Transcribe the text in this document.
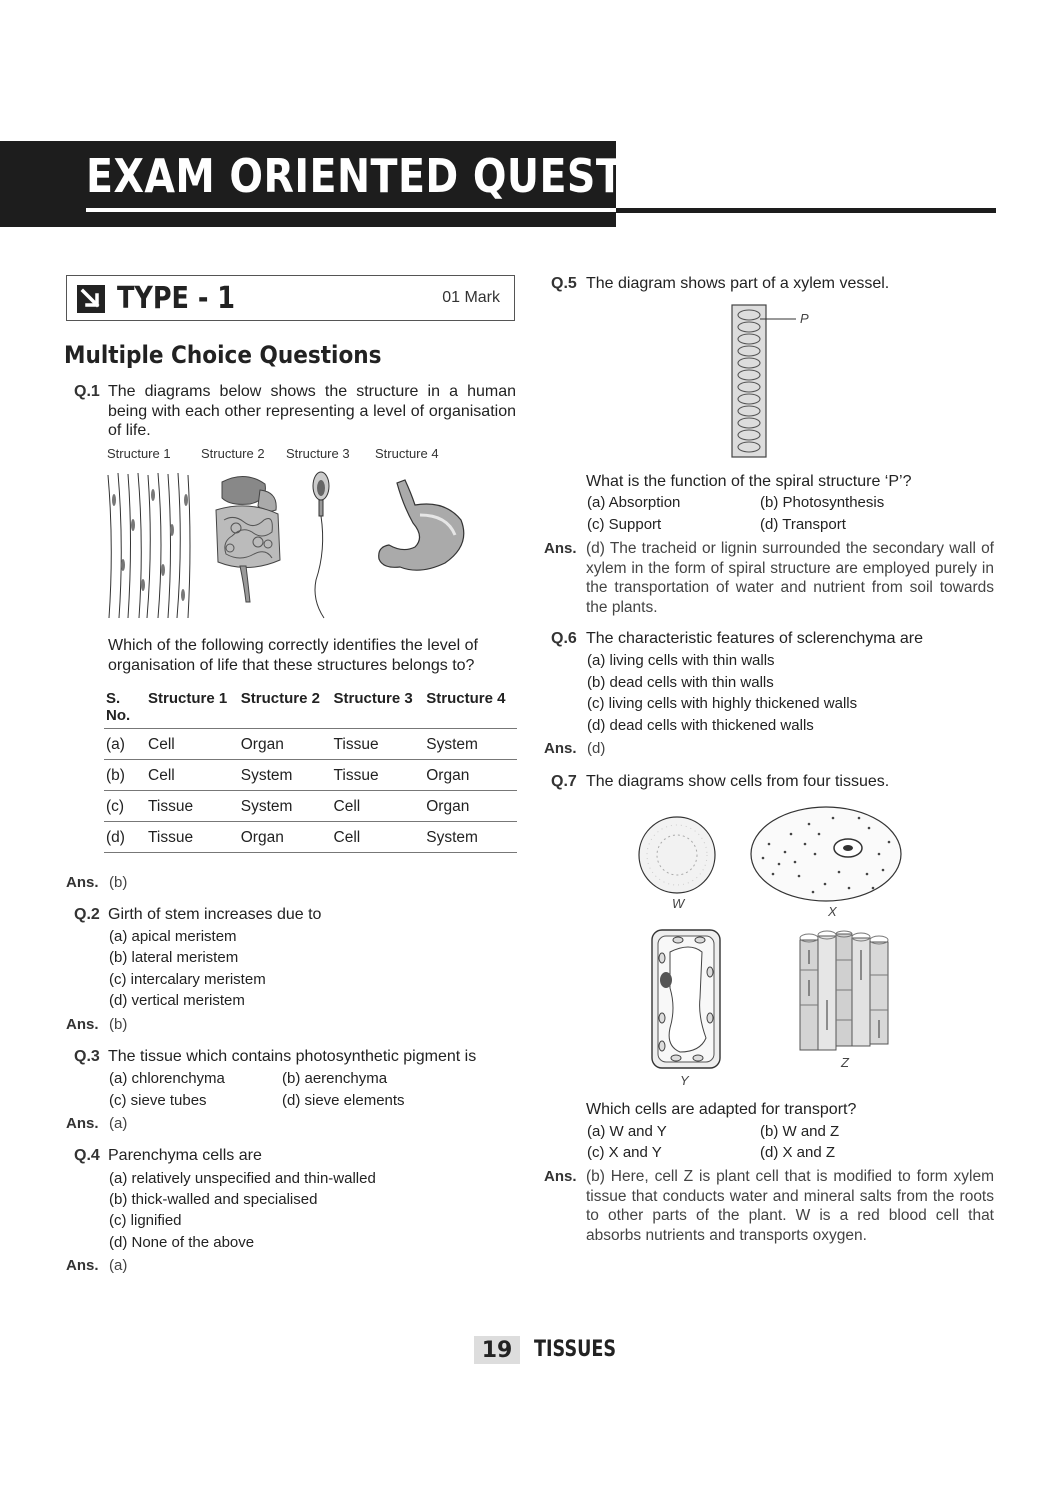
EXAM ORIENTED QUESTIONS
TYPE - 1	01 Mark
Multiple Choice Questions
Q.1 The diagrams below shows the structure in a human being with each other representing a level of organisation of life.
Structure 1 Structure 2 Structure 3 Structure 4
Which of the following correctly identifies the level of organisation of life that these structures belongs to?
S.
No.	Structure 1	Structure 2	Structure 3	Structure 4
(a)	Cell	Organ	Tissue	System
(b)	Cell	System	Tissue	Organ
(c)	Tissue	System	Cell	Organ
(d)	Tissue	Organ	Cell	System
Ans. (b)
Q.2 Girth of stem increases due to
(a) apical meristem
(b) lateral meristem
(c) intercalary meristem
(d) vertical meristem
Ans. (b)
Q.3 The tissue which contains photosynthetic pigment is
(a) chlorenchyma	(b) aerenchyma
(c) sieve tubes	(d) sieve elements
Ans. (a)
Q.4 Parenchyma cells are
(a) relatively unspecified and thin-walled
(b) thick-walled and specialised
(c) lignified
(d) None of the above
Ans. (a)
Q.5 The diagram shows part of a xylem vessel.
P
What is the function of the spiral structure ‘P’?
(a) Absorption	(b) Photosynthesis
(c) Support	(d) Transport
Ans. (d) The tracheid or lignin surrounded the secondary wall of xylem in the form of spiral structure are employed purely in the transportation of water and nutrient from soil towards the plants.
Q.6 The characteristic features of sclerenchyma are
(a) living cells with thin walls
(b) dead cells with thin walls
(c) living cells with highly thickened walls
(d) dead cells with thickened walls
Ans. (d)
Q.7 The diagrams show cells from four tissues.
W
X
Y
Z
Which cells are adapted for transport?
(a) W and Y	(b) W and Z
(c) X and Y	(d) X and Z
Ans. (b) Here, cell Z is plant cell that is modified to form xylem tissue that conducts water and mineral salts from the roots to other parts of the plant. W is a red blood cell that absorbs nutrients and transports oxygen.
19 TISSUES
